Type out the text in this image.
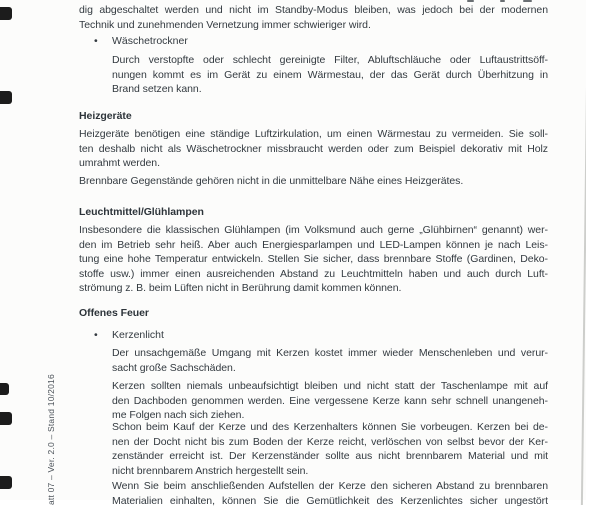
dig abgeschaltet werden und nicht im Standby-Modus bleiben, was jedoch bei der modernen
Technik und zunehmenden Vernetzung immer schwieriger wird.
• Wäschetrockner
Durch verstopfte oder schlecht gereinigte Filter, Abluftschläuche oder Luftaustrittsöff-
nungen kommt es im Gerät zu einem Wärmestau, der das Gerät durch Überhitzung in
Brand setzen kann.
Heizgeräte
Heizgeräte benötigen eine ständige Luftzirkulation, um einen Wärmestau zu vermeiden. Sie soll-
ten deshalb nicht als Wäschetrockner missbraucht werden oder zum Beispiel dekorativ mit Holz
umrahmt werden.
Brennbare Gegenstände gehören nicht in die unmittelbare Nähe eines Heizgerätes.
Leuchtmittel/Glühlampen
Insbesondere die klassischen Glühlampen (im Volksmund auch gerne „Glühbirnen“ genannt) wer-
den im Betrieb sehr heiß. Aber auch Energiesparlampen und LED-Lampen können je nach Leis-
tung eine hohe Temperatur entwickeln. Stellen Sie sicher, dass brennbare Stoffe (Gardinen, Deko-
stoffe usw.) immer einen ausreichenden Abstand zu Leuchtmitteln haben und auch durch Luft-
strömung z. B. beim Lüften nicht in Berührung damit kommen können.
Offenes Feuer
• Kerzenlicht
Der unsachgemäße Umgang mit Kerzen kostet immer wieder Menschenleben und verur-
sacht große Sachschäden.
Kerzen sollten niemals unbeaufsichtigt bleiben und nicht statt der Taschenlampe mit auf
den Dachboden genommen werden. Eine vergessene Kerze kann sehr schnell unangeneh-
me Folgen nach sich ziehen.
Schon beim Kauf der Kerze und des Kerzenhalters können Sie vorbeugen. Kerzen bei de-
nen der Docht nicht bis zum Boden der Kerze reicht, verlöschen von selbst bevor der Ker-
zenständer erreicht ist. Der Kerzenständer sollte aus nicht brennbarem Material und mit
nicht brennbarem Anstrich hergestellt sein.
Wenn Sie beim anschließenden Aufstellen der Kerze den sicheren Abstand zu brennbaren
Materialien einhalten, können Sie die Gemütlichkeit des Kerzenlichtes sicher ungestört
att 07 – Ver. 2.0 – Stand 10/2016
